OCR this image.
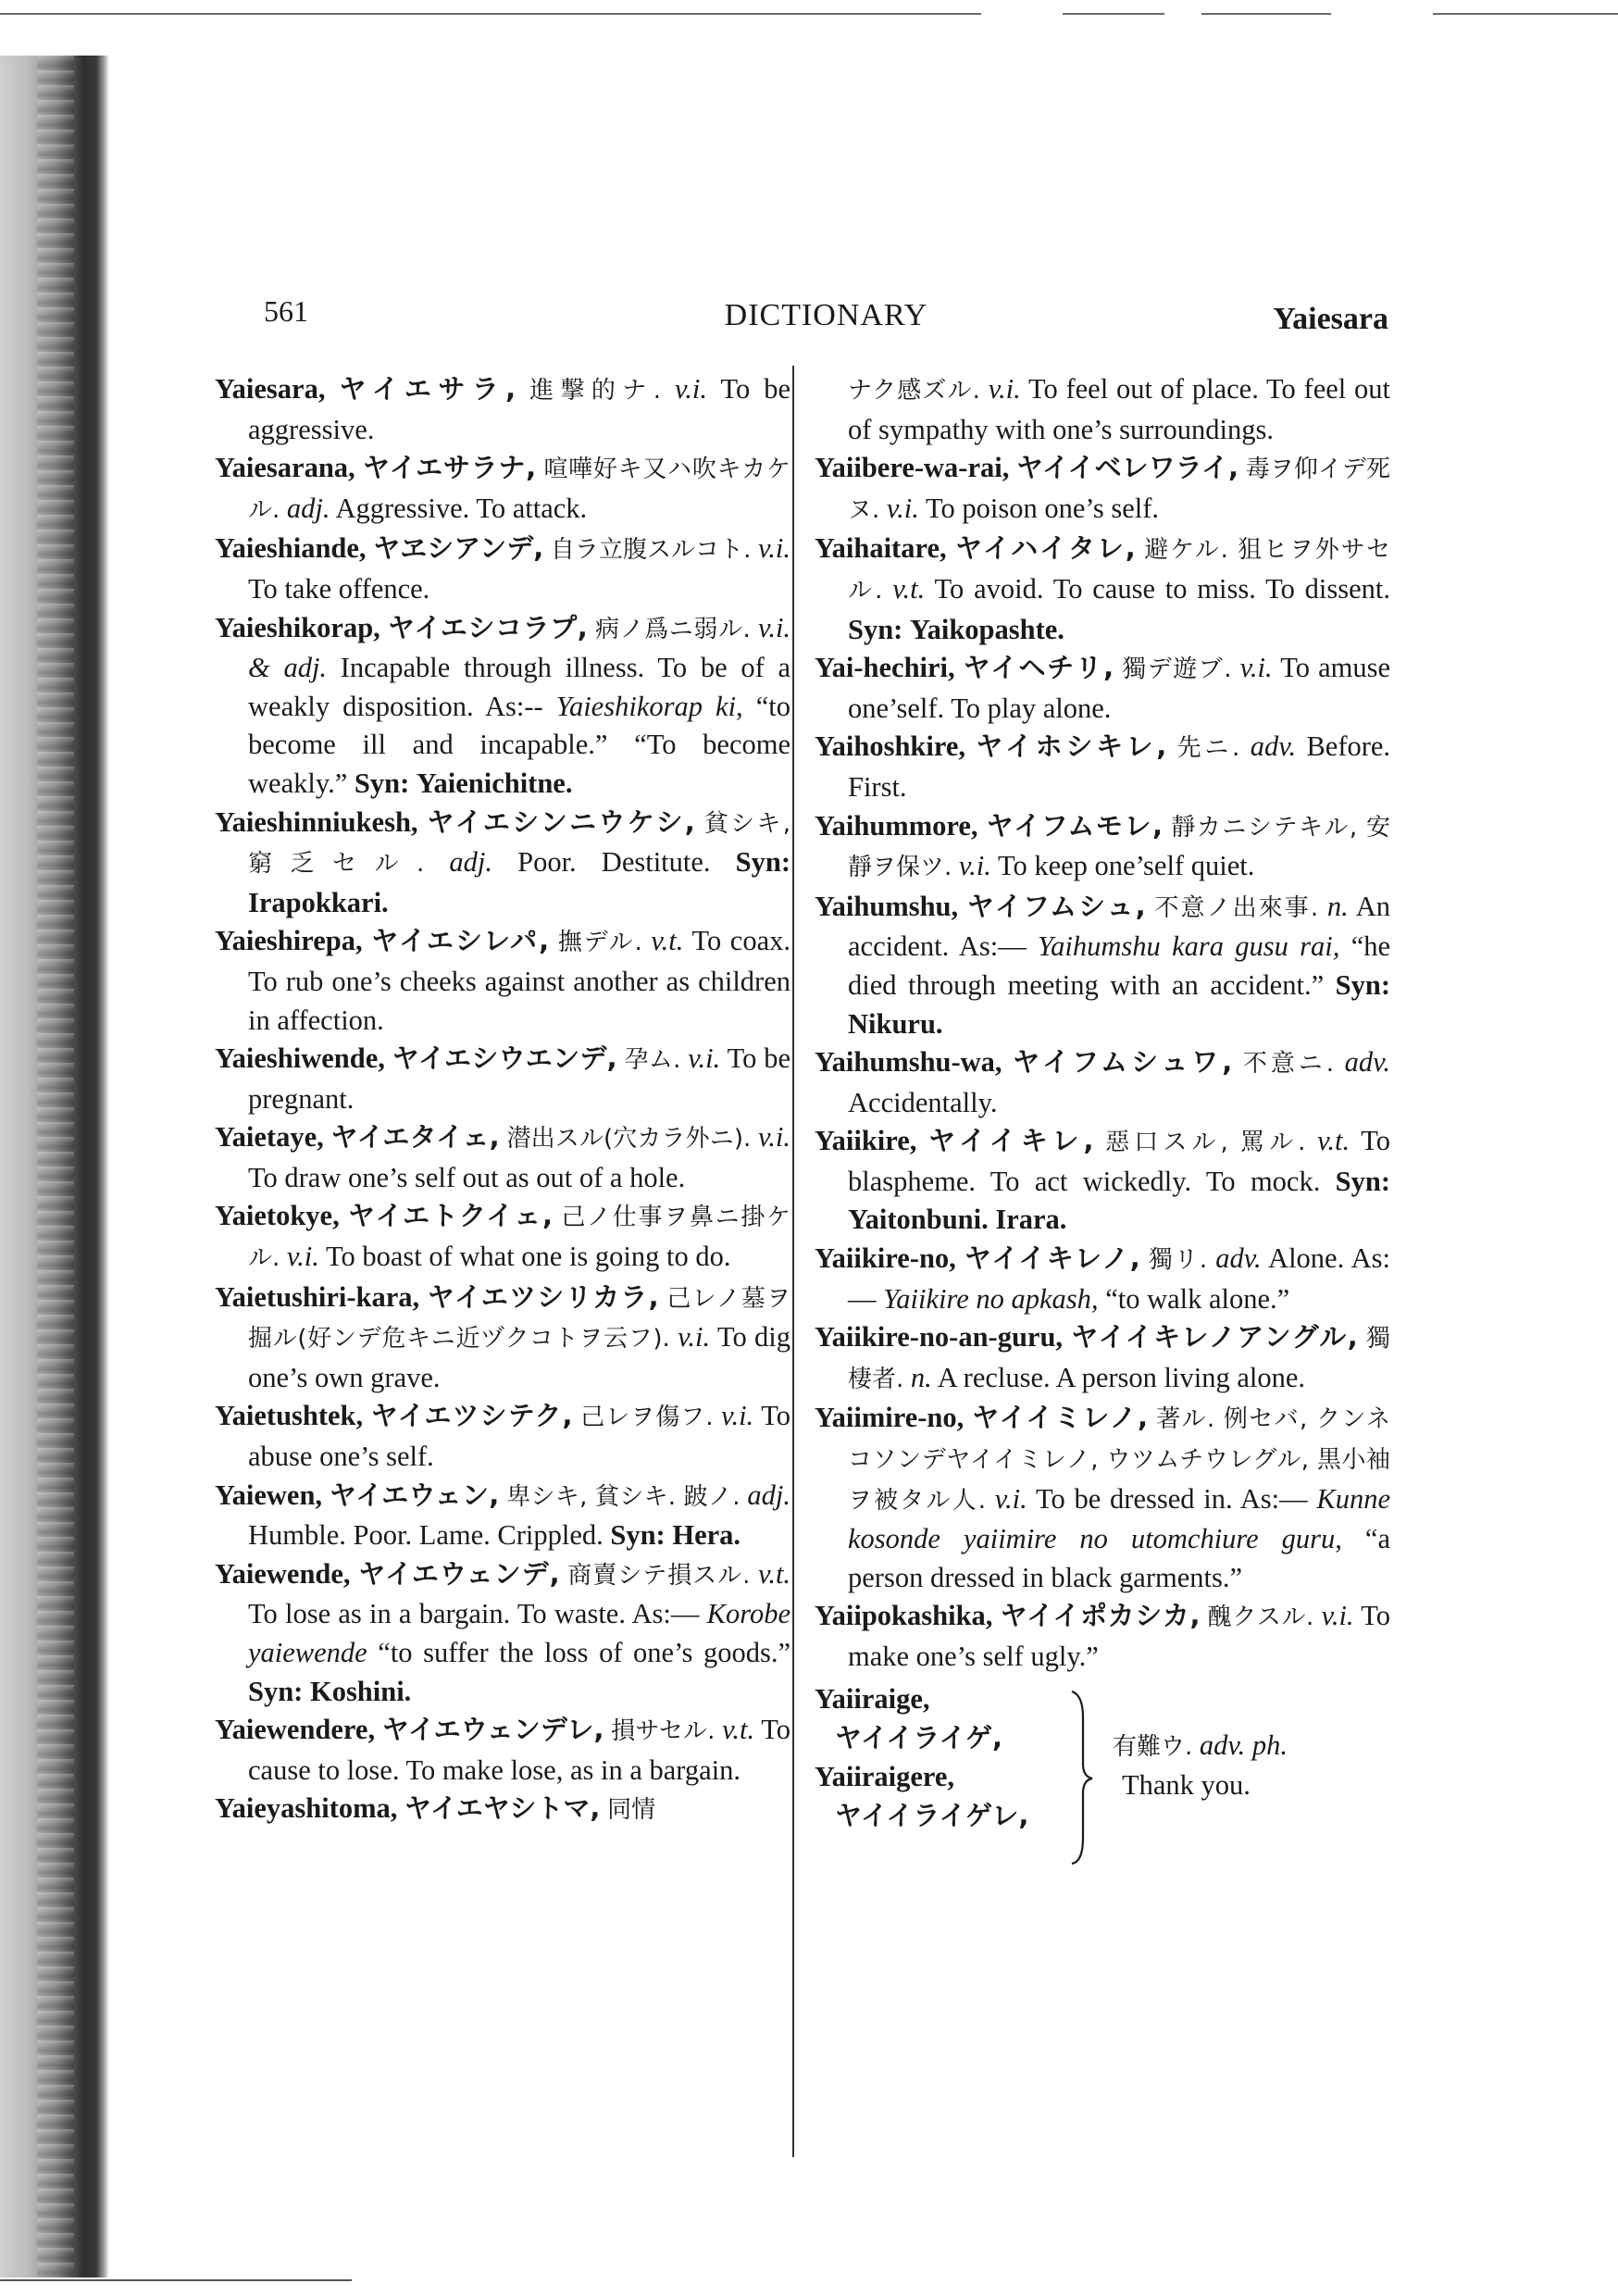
561	DICTIONARY	Yaiesara

Yaiesara, ヤイエサラ, 進撃的ナ. v.i. To be aggressive.

Yaiesarana, ヤイエサラナ, 喧嘩好キ又ハ吹キカケル. adj. Aggressive. To attack.

Yaieshiande, ヤヱシアンデ, 自ラ立腹スルコト. v.i. To take offence.

Yaieshikorap, ヤイエシコラプ, 病ノ爲ニ弱ル. v.i. & adj. Incapable through illness. To be of a weakly disposition. As:-- Yaieshikorap ki, “to become ill and incapable.” “To become weakly.” Syn: Yaienichitne.

Yaieshinniukesh, ヤイエシンニウケシ, 貧シキ, 窮乏セル. adj. Poor. Destitute. Syn: Irapokkari.

Yaieshirepa, ヤイエシレパ, 撫デル. v.t. To coax. To rub one’s cheeks against another as children in affection.

Yaieshiwende, ヤイエシウエンデ, 孕ム. v.i. To be pregnant.

Yaietaye, ヤイエタイェ, 潜出スル(穴カラ外ニ). v.i. To draw one’s self out as out of a hole.

Yaietokye, ヤイエトクイェ, 己ノ仕事ヲ鼻ニ掛ケル. v.i. To boast of what one is going to do.

Yaietushiri-kara, ヤイエツシリカラ, 己レノ墓ヲ掘ル(好ンデ危キニ近ヅクコトヲ云フ). v.i. To dig one’s own grave.

Yaietushtek, ヤイエツシテク, 己レヲ傷フ. v.i. To abuse one’s self.

Yaiewen, ヤイエウェン, 卑シキ, 貧シキ. 跛ノ. adj. Humble. Poor. Lame. Crippled. Syn: Hera.

Yaiewende, ヤイエウェンデ, 商賣シテ損スル. v.t. To lose as in a bargain. To waste. As:— Korobe yaiewende “to suffer the loss of one’s goods.” Syn: Koshini.

Yaiewendere, ヤイエウェンデレ, 損サセル. v.t. To cause to lose. To make lose, as in a bargain.

Yaieyashitoma, ヤイエヤシトマ, 同情

ナク感ズル. v.i. To feel out of place. To feel out of sympathy with one’s surroundings.

Yaiibere-wa-rai, ヤイイベレワライ, 毒ヲ仰イデ死ヌ. v.i. To poison one’s self.

Yaihaitare, ヤイハイタレ, 避ケル. 狙ヒヲ外サセル. v.t. To avoid. To cause to miss. To dissent. Syn: Yaikopashte.

Yai-hechiri, ヤイヘチリ, 獨デ遊ブ. v.i. To amuse one’self. To play alone.

Yaihoshkire, ヤイホシキレ, 先ニ. adv. Before. First.

Yaihummore, ヤイフムモレ, 靜カニシテキル, 安靜ヲ保ツ. v.i. To keep one’self quiet.

Yaihumshu, ヤイフムシュ, 不意ノ出來事. n. An accident. As:— Yaihumshu kara gusu rai, “he died through meeting with an accident.” Syn: Nikuru.

Yaihumshu-wa, ヤイフムシュワ, 不意ニ. adv. Accidentally.

Yaiikire, ヤイイキレ, 惡口スル, 罵ル. v.t. To blaspheme. To act wickedly. To mock. Syn: Yaitonbuni. Irara.

Yaiikire-no, ヤイイキレノ, 獨リ. adv. Alone. As:— Yaiikire no apkash, “to walk alone.”

Yaiikire-no-an-guru, ヤイイキレノアングル, 獨棲者. n. A recluse. A person living alone.

Yaiimire-no, ヤイイミレノ, 著ル. 例セバ, クンネコソンデヤイイミレノ, ウツムチウレグル, 黒小袖ヲ被タル人. v.i. To be dressed in. As:— Kunne kosonde yaiimire no utomchiure guru, “a person dressed in black garments.”

Yaiipokashika, ヤイイポカシカ, 醜クスル. v.i. To make one’s self ugly.”

Yaiiraige,
ヤイイライゲ,
Yaiiraigere,
ヤイイライゲレ,
有難ウ. adv. ph.
Thank you.
